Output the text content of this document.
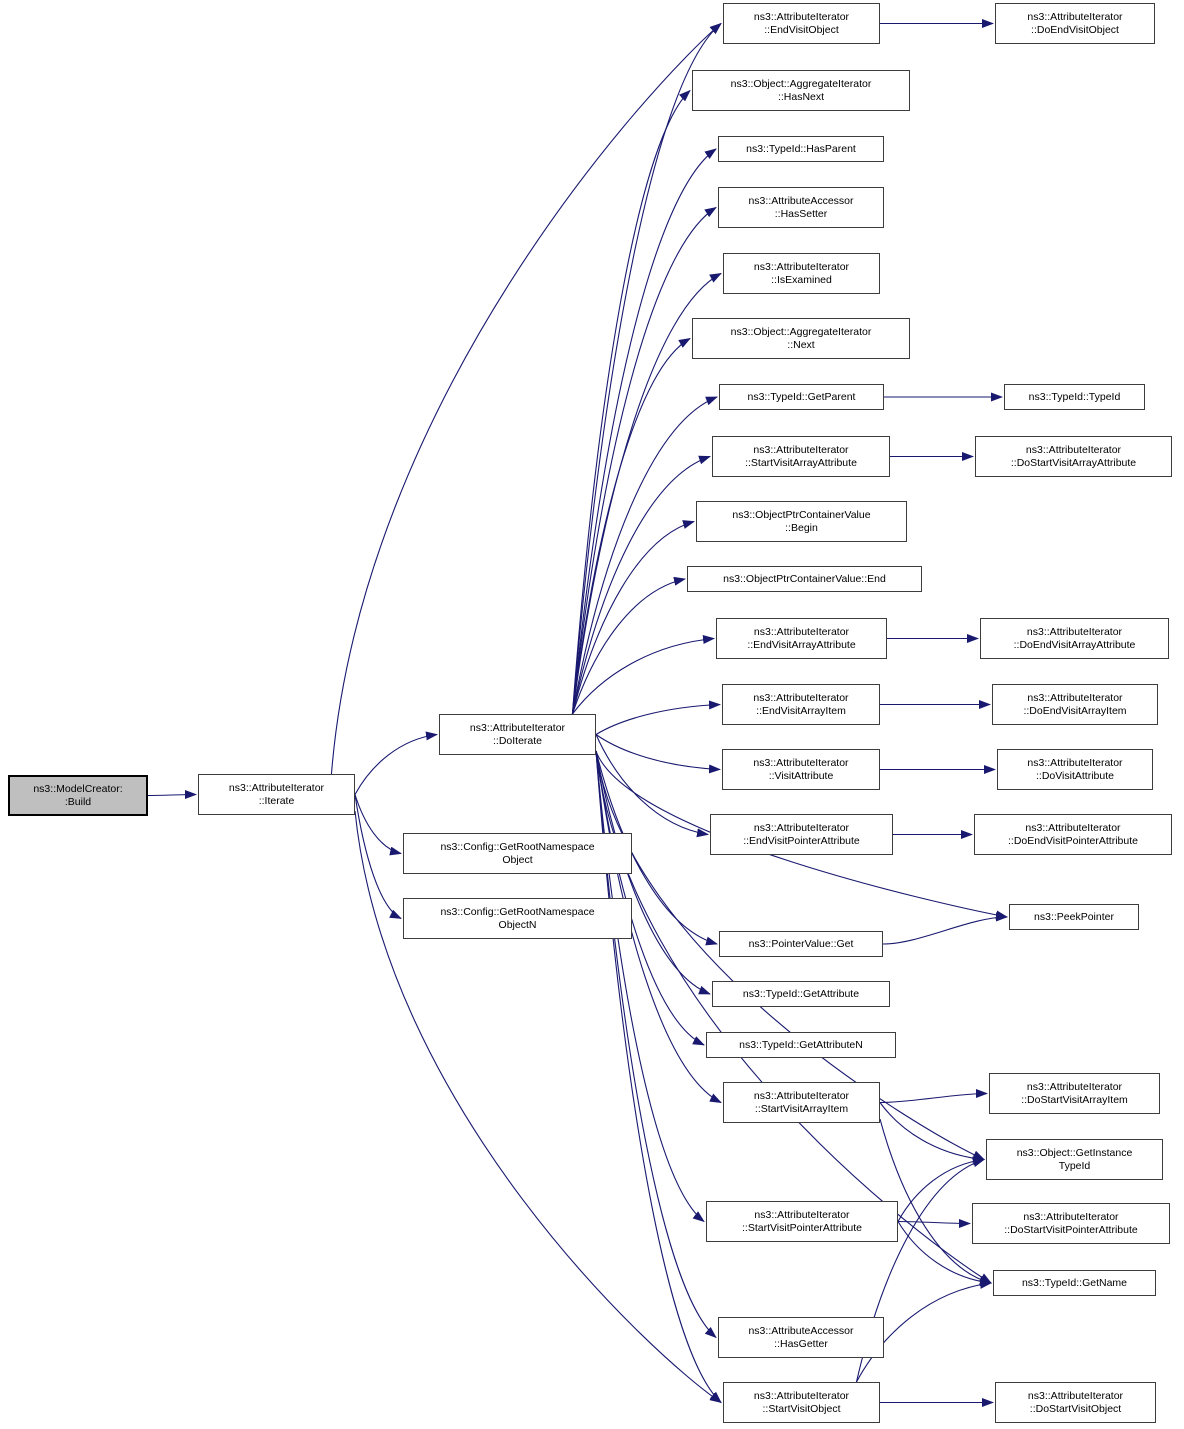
ns3::ModelCreator:
:Build
ns3::AttributeIterator
::Iterate
ns3::AttributeIterator
::DoIterate
ns3::Config::GetRootNamespace
Object
ns3::Config::GetRootNamespace
ObjectN
ns3::AttributeIterator
::EndVisitObject
ns3::AttributeIterator
::DoEndVisitObject
ns3::Object::AggregateIterator
::HasNext
ns3::TypeId::HasParent
ns3::AttributeAccessor
::HasSetter
ns3::AttributeIterator
::IsExamined
ns3::Object::AggregateIterator
::Next
ns3::TypeId::GetParent	ns3::TypeId::TypeId
ns3::AttributeIterator
::StartVisitArrayAttribute
ns3::AttributeIterator
::DoStartVisitArrayAttribute
ns3::ObjectPtrContainerValue
::Begin
ns3::ObjectPtrContainerValue::End
ns3::AttributeIterator
::EndVisitArrayAttribute
ns3::AttributeIterator
::DoEndVisitArrayAttribute
ns3::AttributeIterator
::EndVisitArrayItem
ns3::AttributeIterator
::DoEndVisitArrayItem
ns3::AttributeIterator
::VisitAttribute
ns3::AttributeIterator
::DoVisitAttribute
ns3::AttributeIterator
::EndVisitPointerAttribute
ns3::AttributeIterator
::DoEndVisitPointerAttribute
ns3::PeekPointer
ns3::PointerValue::Get
ns3::TypeId::GetAttribute
ns3::TypeId::GetAttributeN
ns3::AttributeIterator
::StartVisitArrayItem
ns3::AttributeIterator
::DoStartVisitArrayItem
ns3::Object::GetInstance
TypeId
ns3::AttributeIterator
::StartVisitPointerAttribute
ns3::AttributeIterator
::DoStartVisitPointerAttribute
ns3::TypeId::GetName
ns3::AttributeAccessor
::HasGetter
ns3::AttributeIterator
::StartVisitObject
ns3::AttributeIterator
::DoStartVisitObject
